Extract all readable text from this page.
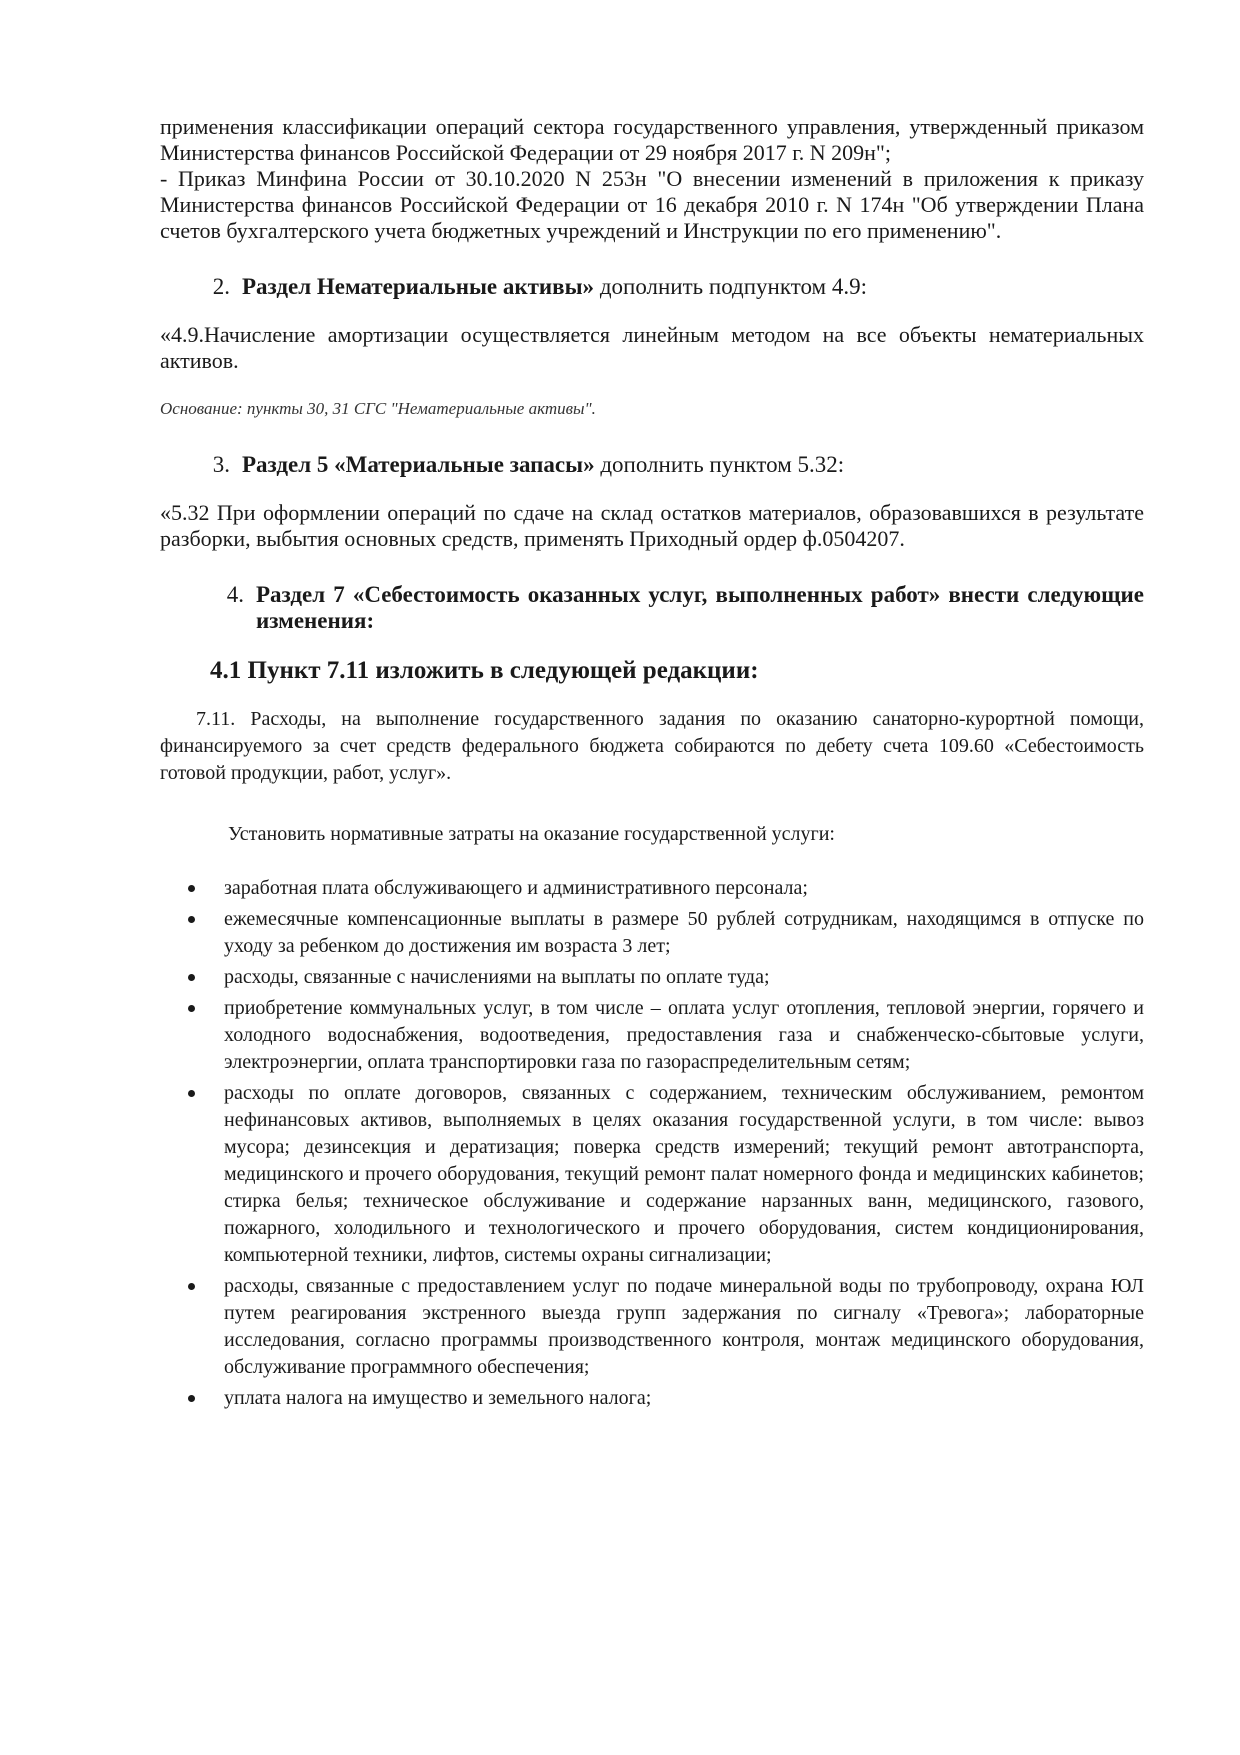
применения классификации операций сектора государственного управления, утвержденный приказом Министерства финансов Российской Федерации от 29 ноября 2017 г. N 209н";
- Приказ Минфина России от 30.10.2020 N 253н "О внесении изменений в приложения к приказу Министерства финансов Российской Федерации от 16 декабря 2010 г. N 174н "Об утверждении Плана счетов бухгалтерского учета бюджетных учреждений и Инструкции по его применению".
2. Раздел Нематериальные активы» дополнить подпунктом 4.9:
«4.9.Начисление амортизации осуществляется линейным методом на все объекты нематериальных активов.
Основание: пункты 30, 31 СГС "Нематериальные активы".
3. Раздел 5 «Материальные запасы» дополнить пунктом 5.32:
«5.32 При оформлении операций по сдаче на склад остатков материалов, образовавшихся в результате разборки, выбытия основных средств, применять Приходный ордер ф.0504207.
4. Раздел 7 «Себестоимость оказанных услуг, выполненных работ» внести следующие изменения:
4.1 Пункт 7.11 изложить в следующей редакции:
7.11. Расходы, на выполнение государственного задания по оказанию санаторно-курортной помощи, финансируемого за счет средств федерального бюджета собираются по дебету счета 109.60 «Себестоимость готовой продукции, работ, услуг».
Установить нормативные затраты на оказание государственной услуги:
заработная плата обслуживающего и административного персонала;
ежемесячные компенсационные выплаты в размере 50 рублей сотрудникам, находящимся в отпуске по уходу за ребенком до достижения им возраста 3 лет;
расходы, связанные с начислениями на выплаты по оплате туда;
приобретение коммунальных услуг, в том числе – оплата услуг отопления, тепловой энергии, горячего и холодного водоснабжения, водоотведения, предоставления газа и снабженческо-сбытовые услуги, электроэнергии, оплата транспортировки газа по газораспределительным сетям;
расходы по оплате договоров, связанных с содержанием, техническим обслуживанием, ремонтом нефинансовых активов, выполняемых в целях оказания государственной услуги, в том числе: вывоз мусора; дезинсекция и дератизация; поверка средств измерений; текущий ремонт автотранспорта, медицинского и прочего оборудования, текущий ремонт палат номерного фонда и медицинских кабинетов; стирка белья; техническое обслуживание и содержание нарзанных ванн, медицинского, газового, пожарного, холодильного и технологического и прочего оборудования, систем кондиционирования, компьютерной техники, лифтов, системы охраны сигнализации;
расходы, связанные с предоставлением услуг по подаче минеральной воды по трубопроводу, охрана ЮЛ путем реагирования экстренного выезда групп задержания по сигналу «Тревога»; лабораторные исследования, согласно программы производственного контроля, монтаж медицинского оборудования, обслуживание программного обеспечения;
уплата налога на имущество и земельного налога;
